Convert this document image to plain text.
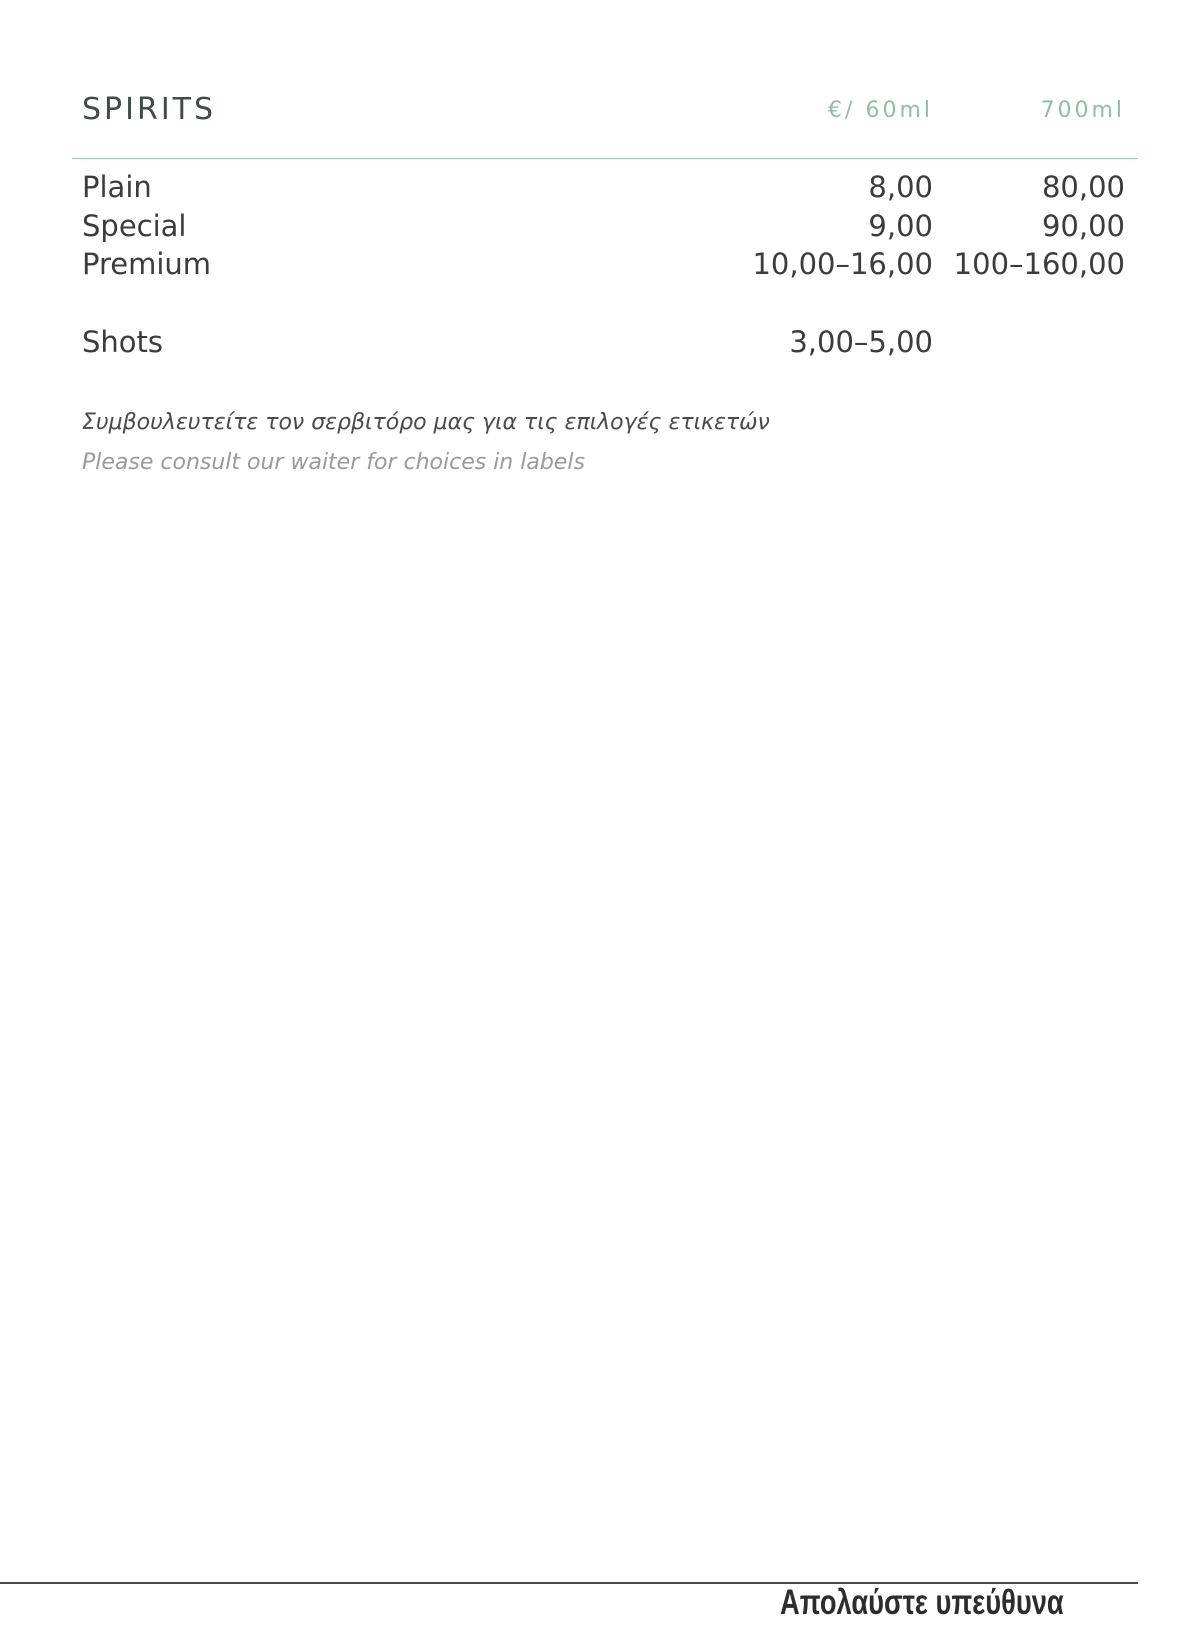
SPIRITS	€/ 60ml	700ml
Plain	8,00	80,00
Special	9,00	90,00
Premium	10,00–16,00 100–160,00
Shots	3,00–5,00
Συμβουλευτείτε τον σερβιτόρο μας για τις επιλογές ετικετών
Please consult our waiter for choices in labels
Απολαύστε υπεύθυνα
